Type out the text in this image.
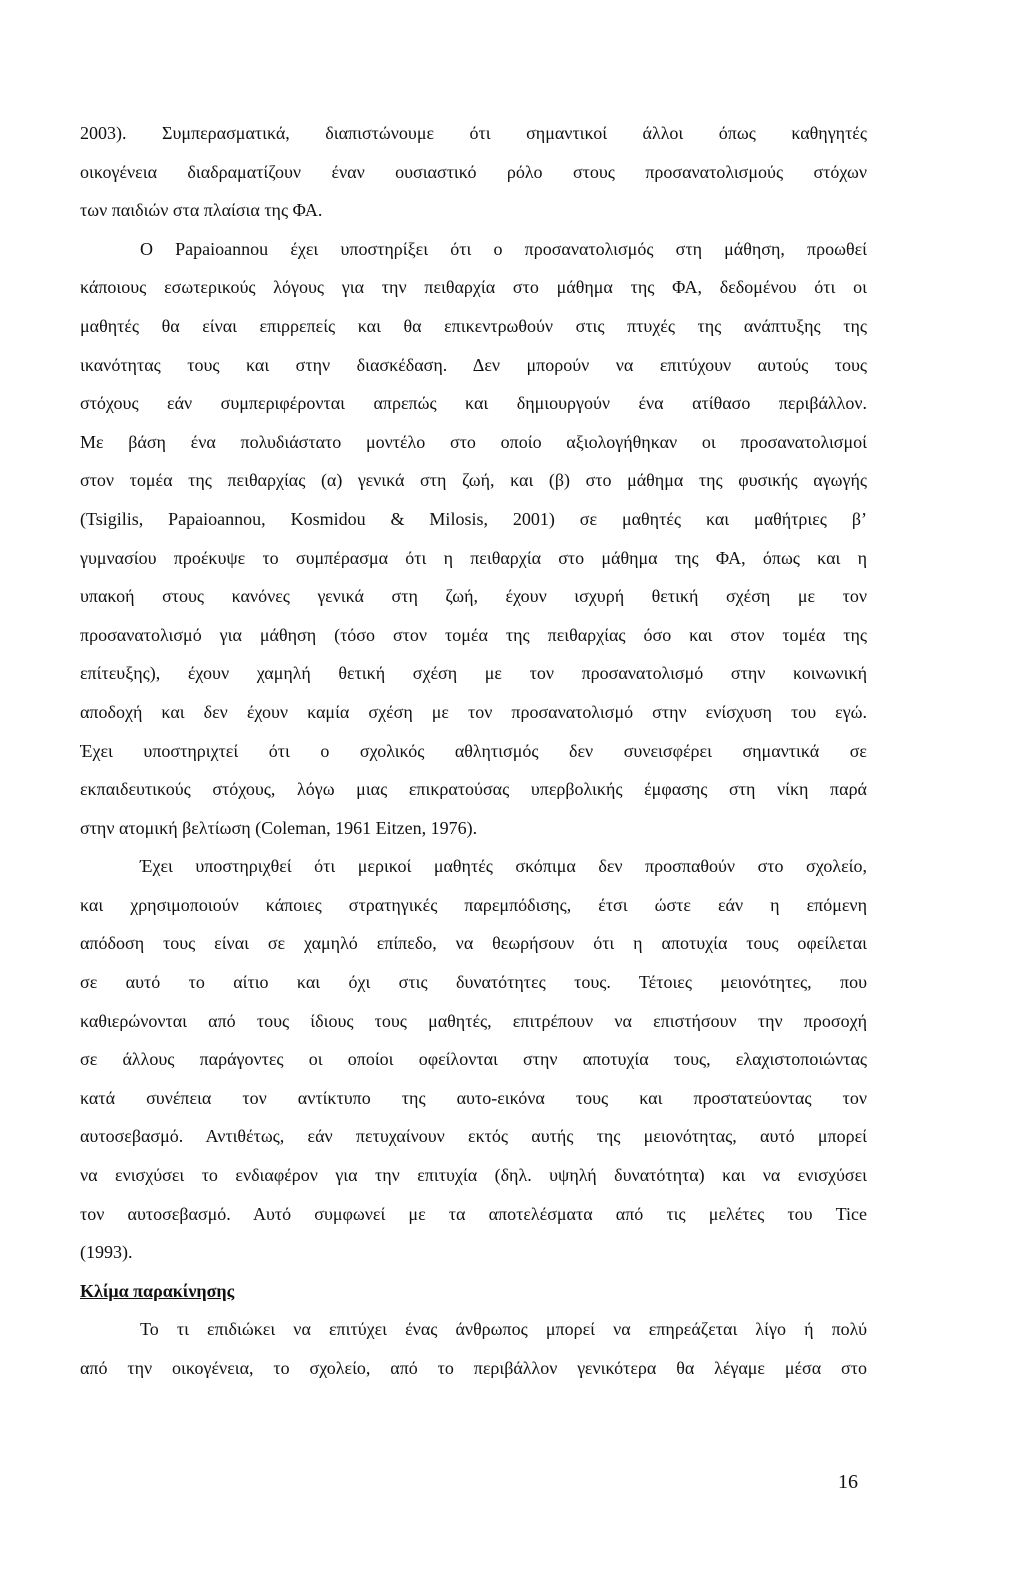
2003). Συμπερασματικά, διαπιστώνουμε ότι σημαντικοί άλλοι όπως καθηγητές
οικογένεια διαδραματίζουν έναν ουσιαστικό ρόλο στους προσανατολισμούς στόχων
των παιδιών στα πλαίσια της ΦΑ.
Ο Papaioannou έχει υποστηρίξει ότι ο προσανατολισμός στη μάθηση, προωθεί
κάποιους εσωτερικούς λόγους για την πειθαρχία στο μάθημα της ΦΑ, δεδομένου ότι οι
μαθητές θα είναι επιρρεπείς και θα επικεντρωθούν στις πτυχές της ανάπτυξης της
ικανότητας τους και στην διασκέδαση. Δεν μπορούν να επιτύχουν αυτούς τους
στόχους εάν συμπεριφέρονται απρεπώς και δημιουργούν ένα ατίθασο περιβάλλον.
Με βάση ένα πολυδιάστατο μοντέλο στο οποίο αξιολογήθηκαν οι προσανατολισμοί
στον τομέα της πειθαρχίας (α) γενικά στη ζωή, και (β) στο μάθημα της φυσικής αγωγής
(Tsigilis, Papaioannou, Kosmidou & Milosis, 2001) σε μαθητές και μαθήτριες β’
γυμνασίου προέκυψε το συμπέρασμα ότι η πειθαρχία στο μάθημα της ΦΑ, όπως και η
υπακοή στους κανόνες γενικά στη ζωή, έχουν ισχυρή θετική σχέση με τον
προσανατολισμό για μάθηση (τόσο στον τομέα της πειθαρχίας όσο και στον τομέα της
επίτευξης), έχουν χαμηλή θετική σχέση με τον προσανατολισμό στην κοινωνική
αποδοχή και δεν έχουν καμία σχέση με τον προσανατολισμό στην ενίσχυση του εγώ.
Έχει υποστηριχτεί ότι ο σχολικός αθλητισμός δεν συνεισφέρει σημαντικά σε
εκπαιδευτικούς στόχους, λόγω μιας επικρατούσας υπερβολικής έμφασης στη νίκη παρά
στην ατομική βελτίωση (Coleman, 1961 Eitzen, 1976).
Έχει υποστηριχθεί ότι μερικοί μαθητές σκόπιμα δεν προσπαθούν στο σχολείο,
και χρησιμοποιούν κάποιες στρατηγικές παρεμπόδισης, έτσι ώστε εάν η επόμενη
απόδοση τους είναι σε χαμηλό επίπεδο, να θεωρήσουν ότι η αποτυχία τους οφείλεται
σε αυτό το αίτιο και όχι στις δυνατότητες τους. Τέτοιες μειονότητες, που
καθιερώνονται από τους ίδιους τους μαθητές, επιτρέπουν να επιστήσουν την προσοχή
σε άλλους παράγοντες οι οποίοι οφείλονται στην αποτυχία τους, ελαχιστοποιώντας
κατά συνέπεια τον αντίκτυπο της αυτο-εικόνα τους και προστατεύοντας τον
αυτοσεβασμό. Αντιθέτως, εάν πετυχαίνουν εκτός αυτής της μειονότητας, αυτό μπορεί
να ενισχύσει το ενδιαφέρον για την επιτυχία (δηλ. υψηλή δυνατότητα) και να ενισχύσει
τον αυτοσεβασμό. Αυτό συμφωνεί με τα αποτελέσματα από τις μελέτες του Tice
(1993).
Κλίμα παρακίνησης
Το τι επιδιώκει να επιτύχει ένας άνθρωπος μπορεί να επηρεάζεται λίγο ή πολύ
από την οικογένεια, το σχολείο, από το περιβάλλον γενικότερα θα λέγαμε μέσα στο
16
